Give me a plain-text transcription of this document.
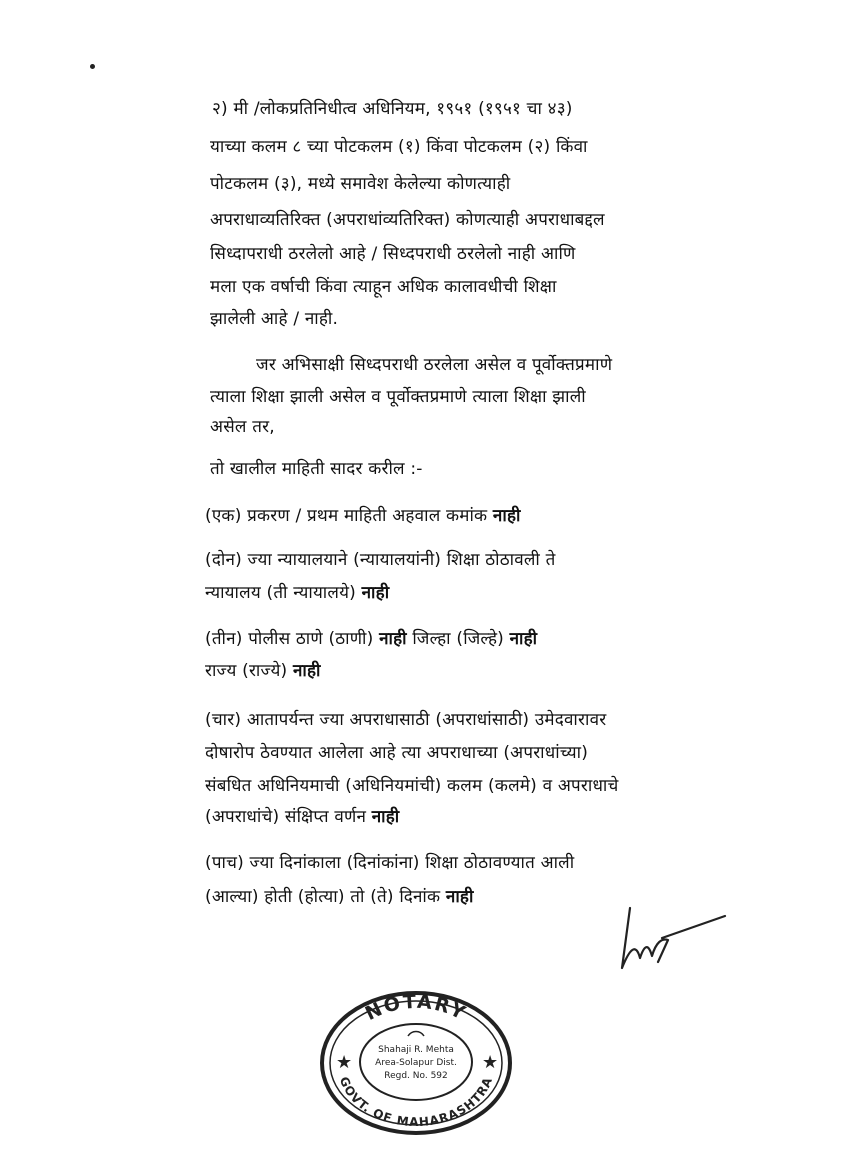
२) मी /लोकप्रतिनिधीत्व अधिनियम, १९५१ (१९५१ चा ४३)
याच्या कलम ८ च्या पोटकलम (१) किंवा पोटकलम (२) किंवा
पोटकलम (३), मध्ये समावेश केलेल्या कोणत्याही
अपराधाव्यतिरिक्त (अपराधांव्यतिरिक्त) कोणत्याही अपराधाबद्दल
सिध्दापराधी ठरलेलो आहे / सिध्दपराधी ठरलेलो नाही आणि
मला एक वर्षाची किंवा त्याहून अधिक कालावधीची शिक्षा
झालेली आहे / नाही.
जर अभिसाक्षी सिध्दपराधी ठरलेला असेल व पूर्वोक्तप्रमाणे
त्याला शिक्षा झाली असेल व पूर्वोक्तप्रमाणे त्याला शिक्षा झाली
असेल तर,
तो खालील माहिती सादर करील :-
(एक) प्रकरण / प्रथम माहिती अहवाल कमांक नाही
(दोन) ज्या न्यायालयाने (न्यायालयांनी) शिक्षा ठोठावली ते
न्यायालय (ती न्यायालये) नाही
(तीन) पोलीस ठाणे (ठाणी) नाही जिल्हा (जिल्हे) नाही
राज्य (राज्ये) नाही
(चार) आतापर्यन्त ज्या अपराधासाठी (अपराधांसाठी) उमेदवारावर
दोषारोप ठेवण्यात आलेला आहे त्या अपराधाच्या (अपराधांच्या)
संबधित अधिनियमाची (अधिनियमांची) कलम (कलमे) व अपराधाचे
(अपराधांचे) संक्षिप्त वर्णन नाही
(पाच) ज्या दिनांकाला (दिनांकांना) शिक्षा ठोठावण्यात आली
(आल्या) होती (होत्या) तो (ते) दिनांक नाही
NOTARY
GOVT. OF MAHARASHTRA
★	★
Shahaji R. Mehta
Area-Solapur Dist.
Regd. No. 592
